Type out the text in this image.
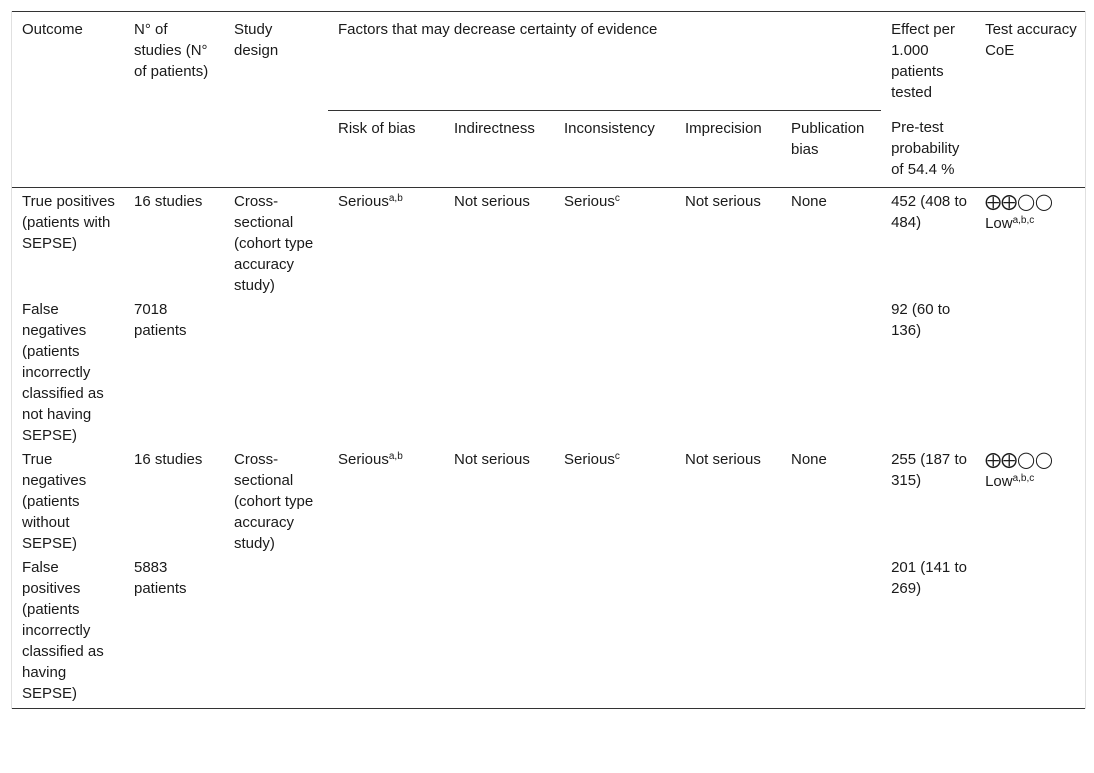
Outcome	N° of studies (N° of patients)	Study design	Factors that may decrease certainty of evidence					Effect per 1.000 patients tested	Test accuracy CoE
			Risk of bias	Indirectness	Inconsistency	Imprecision	Publication bias	Pre-test probability of 54.4 %	
True positives (patients with SEPSE)	16 studies	Cross-sectional (cohort type accuracy study)	Serious$^{a,b}$	Not serious	Serious$^c$	Not serious	None	452 (408 to 484)	⨁⨁◯◯ Low$^{a,b,c}$
False negatives (patients incorrectly classified as not having SEPSE)	7018 patients							92 (60 to 136)	
True negatives (patients without SEPSE)	16 studies	Cross-sectional (cohort type accuracy study)	Serious$^{a,b}$	Not serious	Serious$^c$	Not serious	None	255 (187 to 315)	⨁⨁◯◯ Low$^{a,b,c}$
False positives (patients incorrectly classified as having SEPSE)	5883 patients							201 (141 to 269)	
